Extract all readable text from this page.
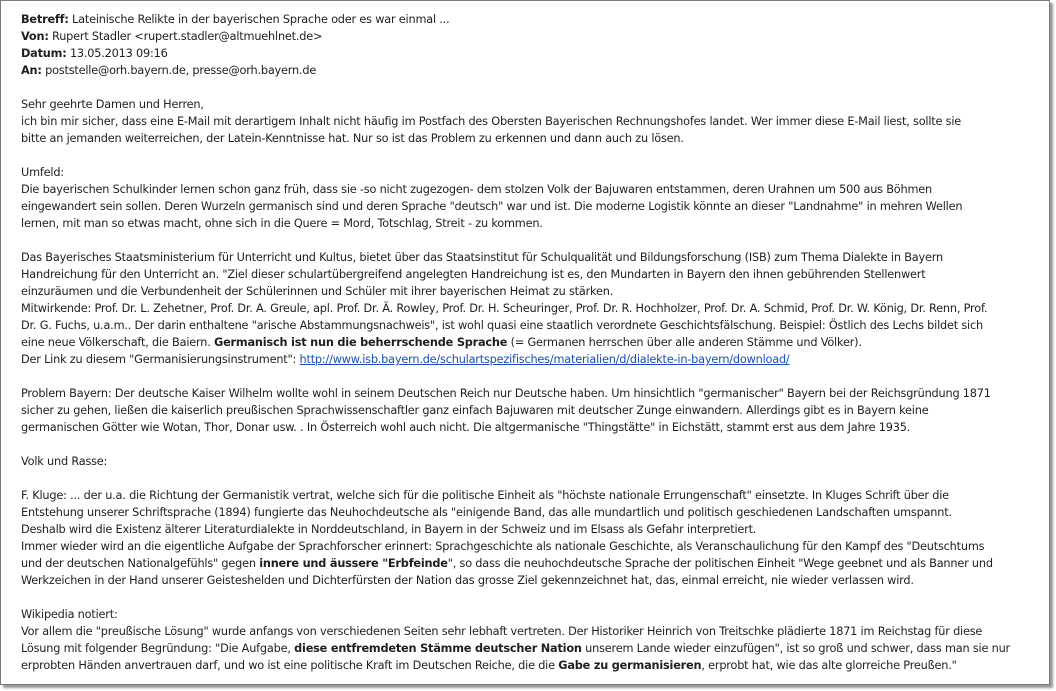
Betreff: Lateinische Relikte in der bayerischen Sprache oder es war einmal ...
Von: Rupert Stadler <rupert.stadler@altmuehlnet.de>
Datum: 13.05.2013 09:16
An: poststelle@orh.bayern.de, presse@orh.bayern.de
Sehr geehrte Damen und Herren,
ich bin mir sicher, dass eine E-Mail mit derartigem Inhalt nicht häufig im Postfach des Obersten Bayerischen Rechnungshofes landet. Wer immer diese E-Mail liest, sollte sie
bitte an jemanden weiterreichen, der Latein-Kenntnisse hat. Nur so ist das Problem zu erkennen und dann auch zu lösen.
Umfeld:
Die bayerischen Schulkinder lernen schon ganz früh, dass sie -so nicht zugezogen- dem stolzen Volk der Bajuwaren entstammen, deren Urahnen um 500 aus Böhmen
eingewandert sein sollen. Deren Wurzeln germanisch sind und deren Sprache "deutsch" war und ist. Die moderne Logistik könnte an dieser "Landnahme" in mehren Wellen
lernen, mit man so etwas macht, ohne sich in die Quere = Mord, Totschlag, Streit - zu kommen.
Das Bayerisches Staatsministerium für Unterricht und Kultus, bietet über das Staatsinstitut für Schulqualität und Bildungsforschung (ISB) zum Thema Dialekte in Bayern
Handreichung für den Unterricht an. "Ziel dieser schulartübergreifend angelegten Handreichung ist es, den Mundarten in Bayern den ihnen gebührenden Stellenwert
einzuräumen und die Verbundenheit der Schülerinnen und Schüler mit ihrer bayerischen Heimat zu stärken.
Mitwirkende: Prof. Dr. L. Zehetner, Prof. Dr. A. Greule, apl. Prof. Dr. Ä. Rowley, Prof. Dr. H. Scheuringer, Prof. Dr. R. Hochholzer, Prof. Dr. A. Schmid, Prof. Dr. W. König, Dr. Renn, Prof.
Dr. G. Fuchs, u.a.m.. Der darin enthaltene "arische Abstammungsnachweis", ist wohl quasi eine staatlich verordnete Geschichtsfälschung. Beispiel: Östlich des Lechs bildet sich
eine neue Völkerschaft, die Baiern. Germanisch ist nun die beherrschende Sprache (= Germanen herrschen über alle anderen Stämme und Völker).
Der Link zu diesem "Germanisierungsinstrument": http://www.isb.bayern.de/schulartspezifisches/materialien/d/dialekte-in-bayern/download/
Problem Bayern: Der deutsche Kaiser Wilhelm wollte wohl in seinem Deutschen Reich nur Deutsche haben. Um hinsichtlich "germanischer" Bayern bei der Reichsgründung 1871
sicher zu gehen, ließen die kaiserlich preußischen Sprachwissenschaftler ganz einfach Bajuwaren mit deutscher Zunge einwandern. Allerdings gibt es in Bayern keine
germanischen Götter wie Wotan, Thor, Donar usw. . In Österreich wohl auch nicht. Die altgermanische "Thingstätte" in Eichstätt, stammt erst aus dem Jahre 1935.
Volk und Rasse:
F. Kluge: ... der u.a. die Richtung der Germanistik vertrat, welche sich für die politische Einheit als "höchste nationale Errungenschaft" einsetzte. In Kluges Schrift über die
Entstehung unserer Schriftsprache (1894) fungierte das Neuhochdeutsche als "einigende Band, das alle mundartlich und politisch geschiedenen Landschaften umspannt.
Deshalb wird die Existenz älterer Literaturdialekte in Norddeutschland, in Bayern in der Schweiz und im Elsass als Gefahr interpretiert.
Immer wieder wird an die eigentliche Aufgabe der Sprachforscher erinnert: Sprachgeschichte als nationale Geschichte, als Veranschaulichung für den Kampf des "Deutschtums
und der deutschen Nationalgefühls" gegen innere und äussere "Erbfeinde", so dass die neuhochdeutsche Sprache der politischen Einheit "Wege geebnet und als Banner und
Werkzeichen in der Hand unserer Geisteshelden und Dichterfürsten der Nation das grosse Ziel gekennzeichnet hat, das, einmal erreicht, nie wieder verlassen wird.
Wikipedia notiert:
Vor allem die "preußische Lösung" wurde anfangs von verschiedenen Seiten sehr lebhaft vertreten. Der Historiker Heinrich von Treitschke plädierte 1871 im Reichstag für diese
Lösung mit folgender Begründung: "Die Aufgabe, diese entfremdeten Stämme deutscher Nation unserem Lande wieder einzufügen", ist so groß und schwer, dass man sie nur
erprobten Händen anvertrauen darf, und wo ist eine politische Kraft im Deutschen Reiche, die die Gabe zu germanisieren, erprobt hat, wie das alte glorreiche Preußen."
